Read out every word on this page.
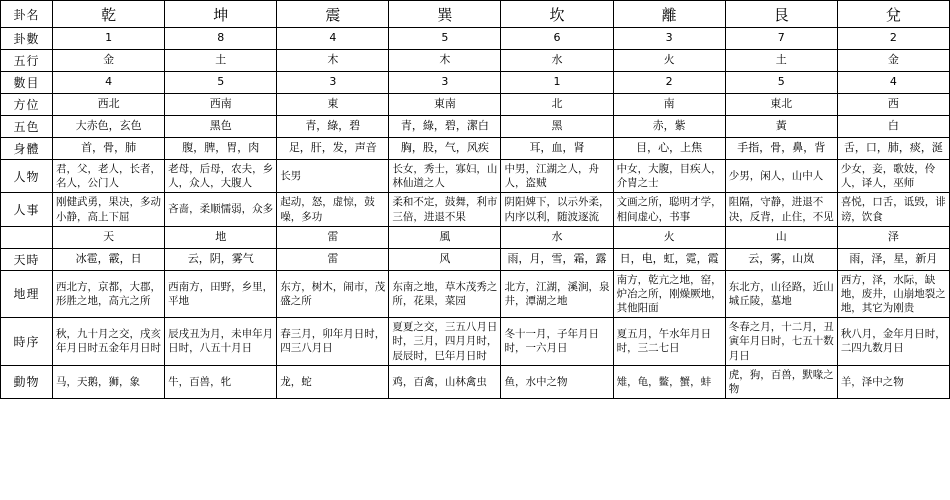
卦名	乾	坤	震	巽	坎	離	艮	兌
卦數	1	8	4	5	6	3	7	2
五行	金	土	木	木	水	火	土	金
數目	4	5	3	3	1	2	5	4
方位	西北	西南	東	東南	北	南	東北	西
五色	大赤色，玄色	黑色	青，綠，碧	青，綠，碧，潔白	黑	赤，紫	黃	白
身體	首，骨，肺	腹，脾，胃，肉	足，肝，发，声音	胸，股，气，风疾	耳，血，肾	目，心，上焦	手指，骨，鼻，背	舌，口，肺，痰，涎
人物	君，父，老人，长者，名人，公门人	老母，后母，农夫，乡人，众人，大腹人	长男	长女，秀士，寡妇，山林仙道之人	中男，江湖之人，舟人，盗贼	中女，大腹，目疾人，介胄之士	少男，闲人，山中人	少女，妾，歌妓，伶人，译人，巫师
人事	刚健武勇，果决，多动小静，高上下屈	吝啬，柔顺懦弱，众多	起动，怒，虚惊，鼓噪，多功	柔和不定，鼓舞，利市三倍，进退不果	阴阳婢下，以示外柔，内序以利，随波逐流	文画之所，聪明才学，相间虚心，书事	阻隔，守静，进退不决，反背，止住，不见	喜悦，口舌，诋毁，诽谤，饮食
	天	地	雷	風	水	火	山	泽
天時	冰雹，霰，日	云，阴，雾气	雷	风	雨，月，雪，霜，露	日，电，虹，霓，霞	云，雾，山岚	雨，泽，星，新月
地理	西北方，京都，大郡，形胜之地，高亢之所	西南方，田野，乡里，平地	东方，树木，闹市，茂盛之所	东南之地，草木茂秀之所，花果，菜园	北方，江湖，溪涧，泉井，潭湖之地	南方，乾亢之地，窑，炉冶之所，刚燥厥地，其他阳面	东北方，山径路，近山城丘陵，墓地	西方，泽，水际，缺地，废井，山崩地裂之地，其它为刚贵
時序	秋，九十月之交，戌亥年月日时五金年月日时	辰戌丑为月，未申年月日时，八五十月日	春三月，卯年月日时，四三八月日	夏夏之交，三五八月日时，三月，四月月时，辰辰时，巳年月日时	冬十一月，子年月日时，一六月日	夏五月，午水年月日时，三二七日	冬春之月，十二月，丑寅年月日时，七五十数月日	秋八月，金年月日时，二四九数月日
動物	马，天鹅，狮，象	牛，百兽，牝	龙，蛇	鸡，百禽，山林禽虫	鱼，水中之物	雉，龟，鳖，蟹，蚌	虎，狗，百兽，默喙之物	羊，泽中之物
